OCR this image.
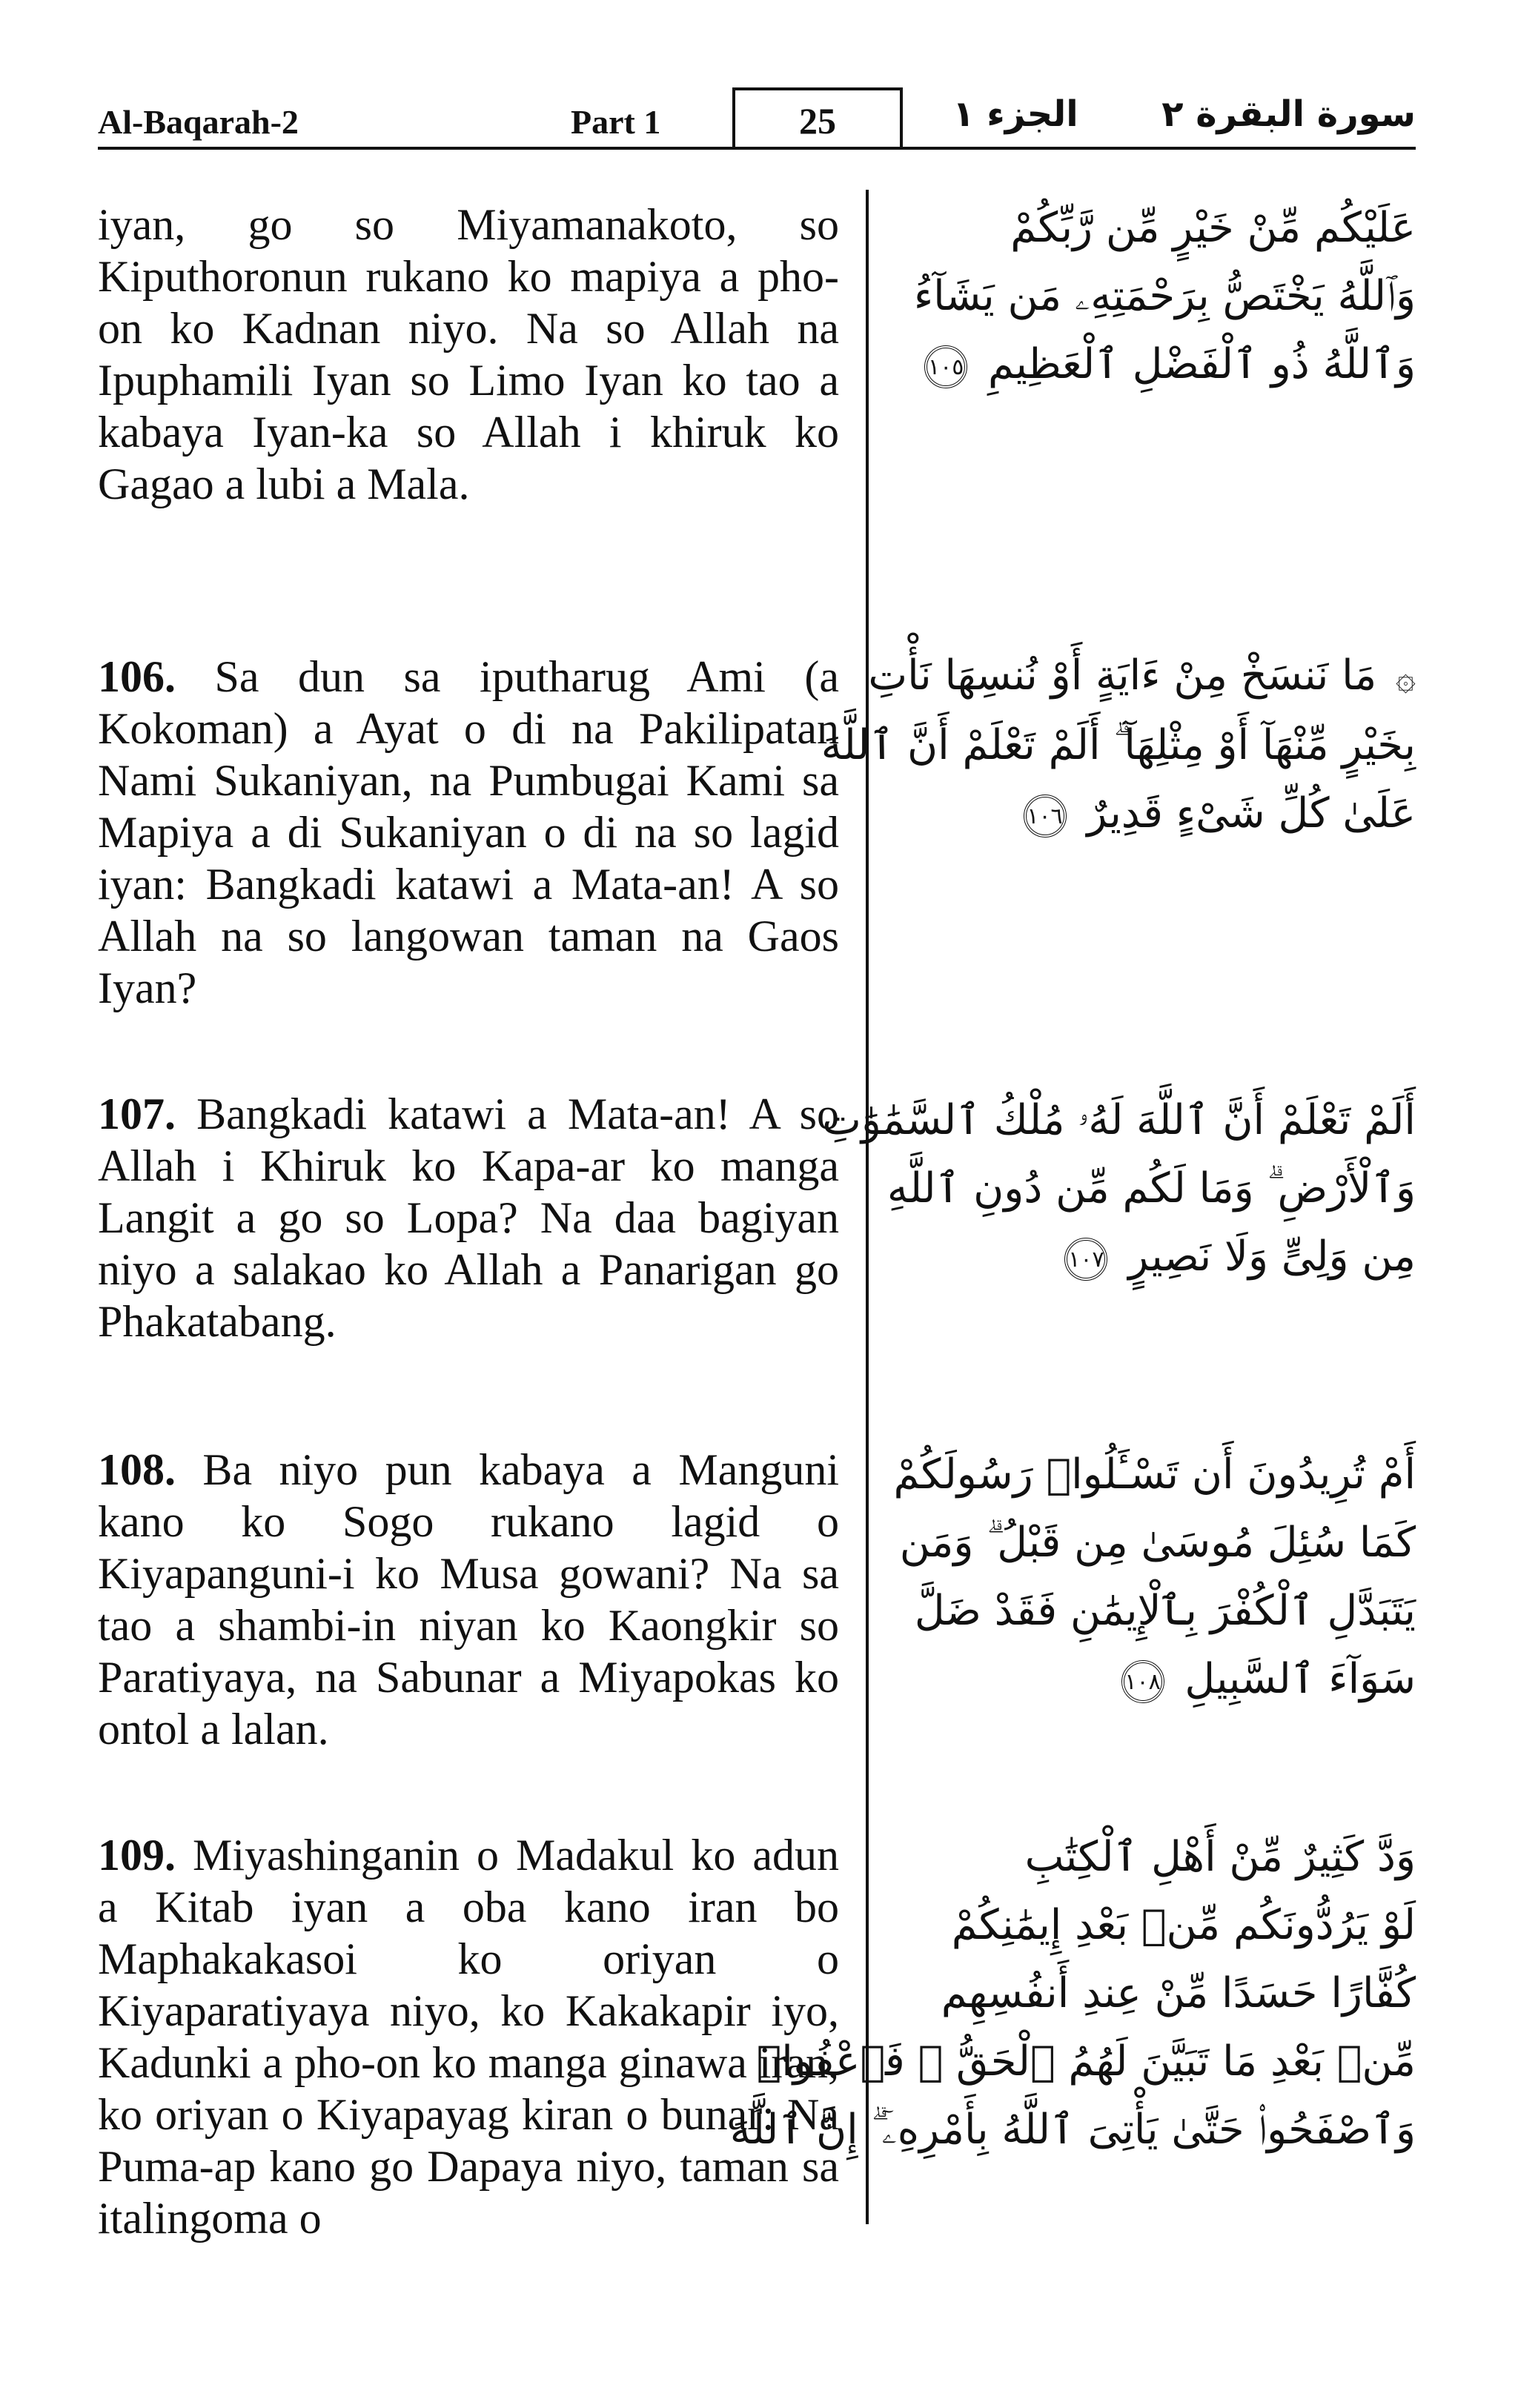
Al-Baqarah-2	Part 1	25	الجزء ١	سورة البقرة ٢

iyan, go so Miyamanakoto, so Kiputhoronun rukano ko mapiya a pho-on ko Kadnan niyo. Na so Allah na Ipuphamili Iyan so Limo Iyan ko tao a kabaya Iyan-ka so Allah i khiruk ko Gagao a lubi a Mala.

عَلَيْكُم مِّنْ خَيْرٍ مِّن رَّبِّكُمْ
وَٱللَّهُ يَخْتَصُّ بِرَحْمَتِهِۦ مَن يَشَآءُ
وَٱللَّهُ ذُو ٱلْفَضْلِ ٱلْعَظِيمِ ١٠٥

106. Sa dun sa iputharug Ami (a Kokoman) a Ayat o di na Pakilipatan Nami Sukaniyan, na Pumbugai Kami sa Mapiya a di Sukaniyan o di na so lagid iyan: Bangkadi katawi a Mata-an! A so Allah na so langowan taman na Gaos Iyan?

۞ مَا نَنسَخْ مِنْ ءَايَةٍ أَوْ نُنسِهَا نَأْتِ
بِخَيْرٍ مِّنْهَآ أَوْ مِثْلِهَآ ۗ أَلَمْ تَعْلَمْ أَنَّ ٱللَّهَ
عَلَىٰ كُلِّ شَىْءٍ قَدِيرٌ ١٠٦

107. Bangkadi katawi a Mata-an! A so Allah i Khiruk ko Kapa-ar ko manga Langit a go so Lopa? Na daa bagiyan niyo a salakao ko Allah a Panarigan go Phakatabang.

أَلَمْ تَعْلَمْ أَنَّ ٱللَّهَ لَهُۥ مُلْكُ ٱلسَّمَٰوَٰتِ
وَٱلْأَرْضِ ۗ وَمَا لَكُم مِّن دُونِ ٱللَّهِ
مِن وَلِىٍّ وَلَا نَصِيرٍ ١٠٧

108. Ba niyo pun kabaya a Manguni kano ko Sogo rukano lagid o Kiyapanguni-i ko Musa gowani? Na sa tao a shambi-in niyan ko Kaongkir so Paratiyaya, na Sabunar a Miyapokas ko ontol a lalan.

أَمْ تُرِيدُونَ أَن تَسْـَٔلُوا۟ رَسُولَكُمْ
كَمَا سُئِلَ مُوسَىٰ مِن قَبْلُ ۗ وَمَن
يَتَبَدَّلِ ٱلْكُفْرَ بِٱلْإِيمَٰنِ فَقَدْ ضَلَّ
سَوَآءَ ٱلسَّبِيلِ ١٠٨

109. Miyashinganin o Madakul ko adun a Kitab iyan a oba kano iran bo Maphakakasoi ko oriyan o Kiyaparatiyaya niyo, ko Kakakapir iyo, Kadunki a pho-on ko manga ginawa iran, ko oriyan o Kiyapayag kiran o bunar: Na Puma-ap kano go Dapaya niyo, taman sa italingoma o

وَدَّ كَثِيرٌ مِّنْ أَهْلِ ٱلْكِتَٰبِ
لَوْ يَرُدُّونَكُم مِّنۢ بَعْدِ إِيمَٰنِكُمْ
كُفَّارًا حَسَدًا مِّنْ عِندِ أَنفُسِهِم
مِّنۢ بَعْدِ مَا تَبَيَّنَ لَهُمُ ٱلْحَقُّ ۖ فَٱعْفُوا۟
وَٱصْفَحُوا۟ حَتَّىٰ يَأْتِىَ ٱللَّهُ بِأَمْرِهِۦٓ ۗ إِنَّ ٱللَّهَ
